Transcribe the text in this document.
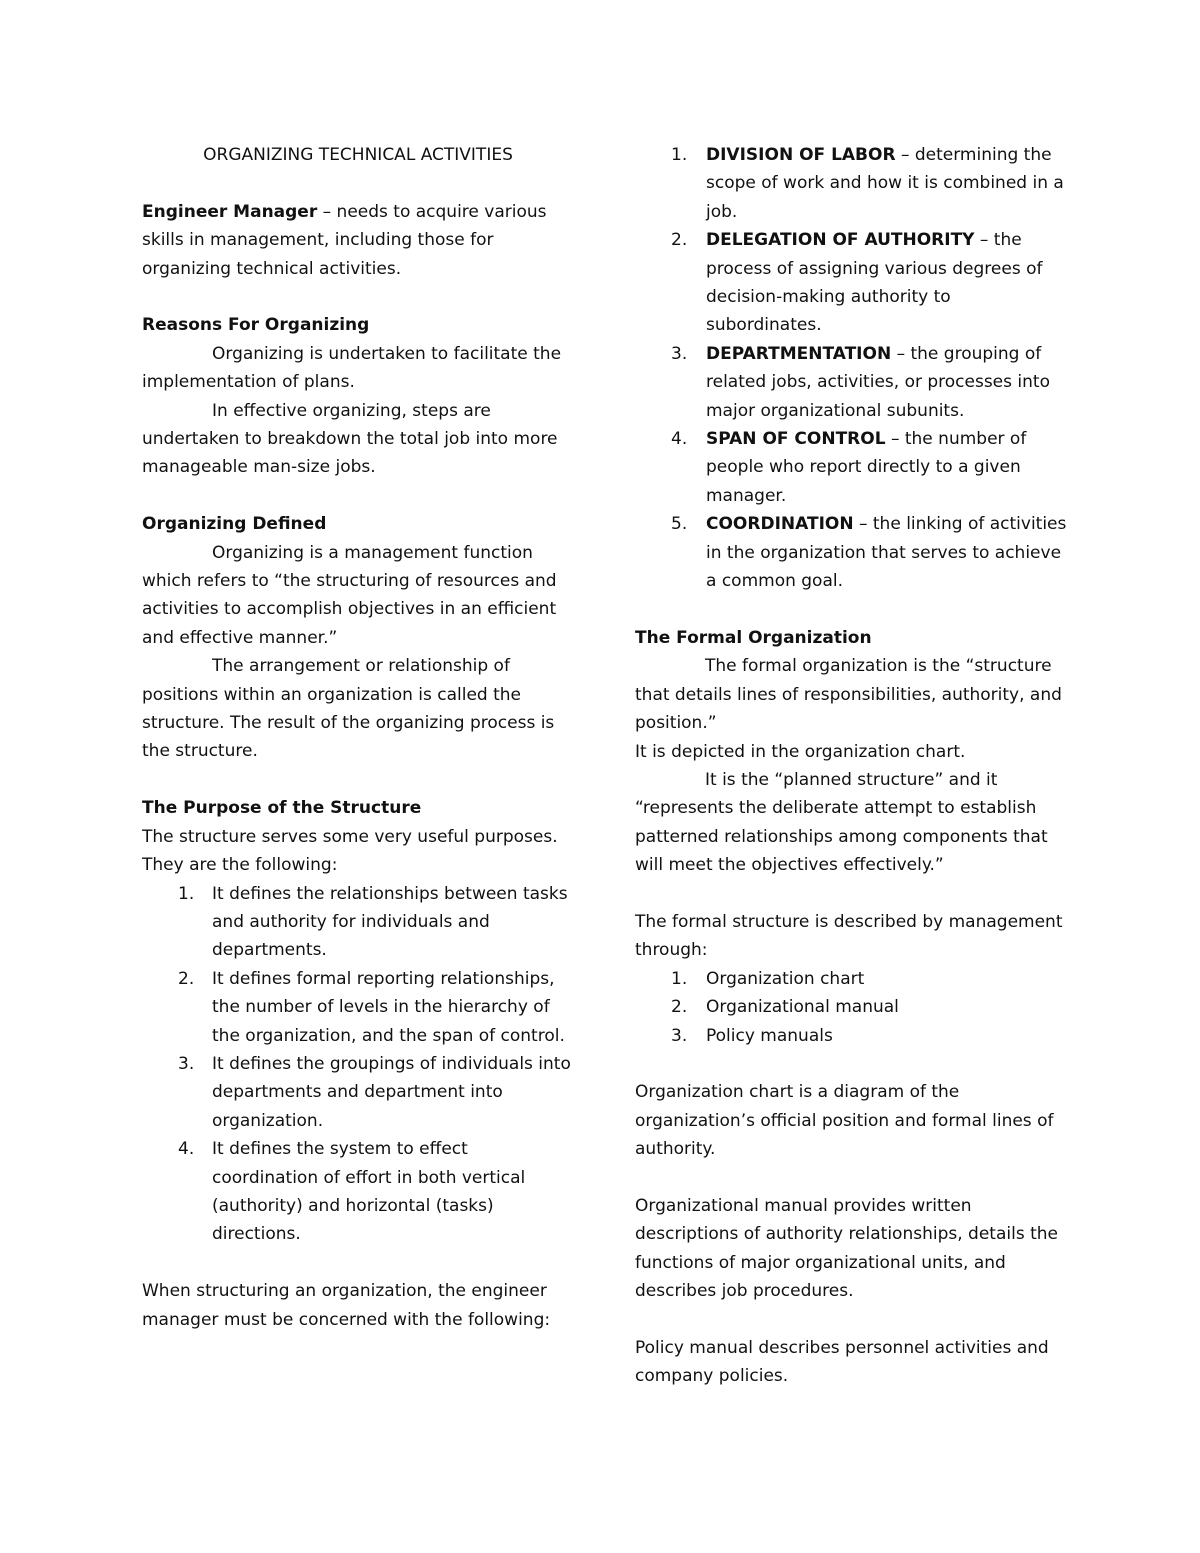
ORGANIZING TECHNICAL ACTIVITIES

Engineer Manager – needs to acquire various skills in management, including those for organizing technical activities.

Reasons For Organizing

Organizing is undertaken to facilitate the implementation of plans.

In effective organizing, steps are undertaken to breakdown the total job into more manageable man-size jobs.

Organizing Defined

Organizing is a management function which refers to “the structuring of resources and activities to accomplish objectives in an efficient and effective manner.”

The arrangement or relationship of positions within an organization is called the structure. The result of the organizing process is the structure.

The Purpose of the Structure

The structure serves some very useful purposes. They are the following:

1. It defines the relationships between tasks and authority for individuals and departments.
2. It defines formal reporting relationships, the number of levels in the hierarchy of the organization, and the span of control.
3. It defines the groupings of individuals into departments and department into organization.
4. It defines the system to effect coordination of effort in both vertical (authority) and horizontal (tasks) directions.

When structuring an organization, the engineer manager must be concerned with the following:

1. DIVISION OF LABOR – determining the scope of work and how it is combined in a job.
2. DELEGATION OF AUTHORITY – the process of assigning various degrees of decision-making authority to subordinates.
3. DEPARTMENTATION – the grouping of related jobs, activities, or processes into major organizational subunits.
4. SPAN OF CONTROL – the number of people who report directly to a given manager.
5. COORDINATION – the linking of activities in the organization that serves to achieve a common goal.

The Formal Organization

The formal organization is the “structure that details lines of responsibilities, authority, and position.”

It is depicted in the organization chart.

It is the “planned structure” and it “represents the deliberate attempt to establish patterned relationships among components that will meet the objectives effectively.”

The formal structure is described by management through:

1. Organization chart
2. Organizational manual
3. Policy manuals

Organization chart is a diagram of the organization’s official position and formal lines of authority.

Organizational manual provides written descriptions of authority relationships, details the functions of major organizational units, and describes job procedures.

Policy manual describes personnel activities and company policies.
